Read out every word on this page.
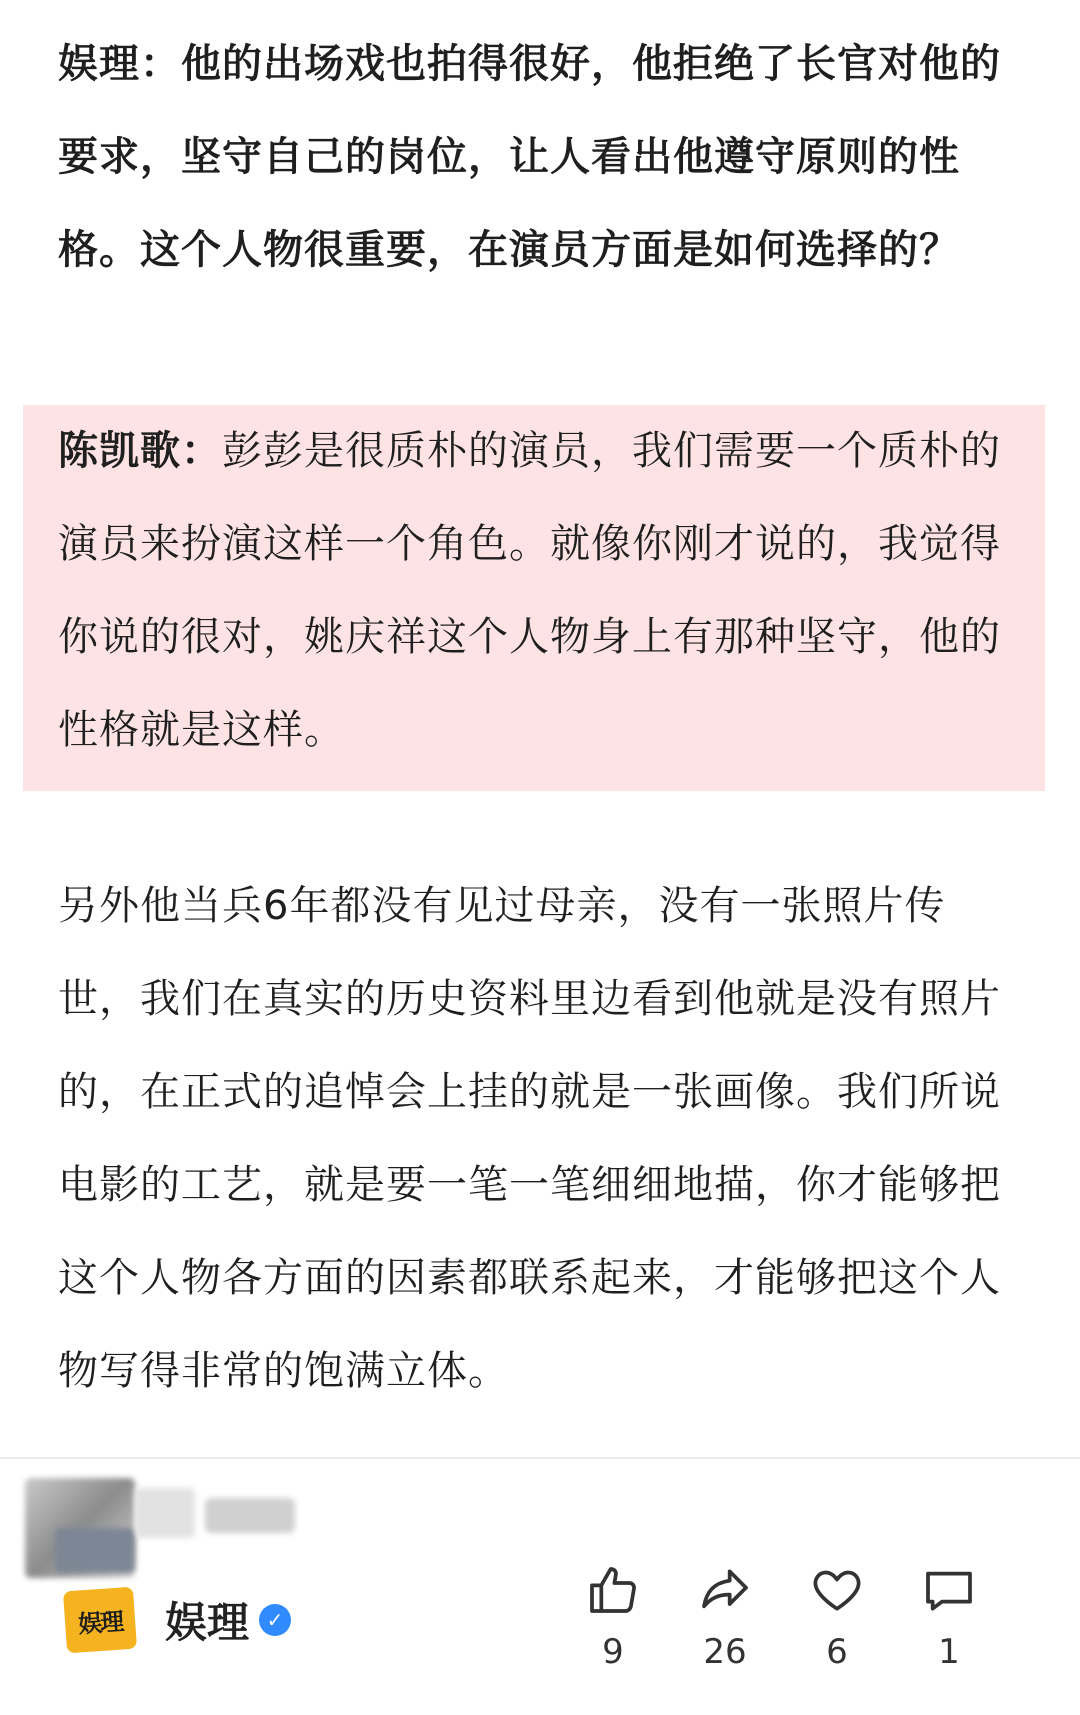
娱理：他的出场戏也拍得很好，他拒绝了长官对他的要求，坚守自己的岗位，让人看出他遵守原则的性格。这个人物很重要，在演员方面是如何选择的？

陈凯歌：彭彭是很质朴的演员，我们需要一个质朴的演员来扮演这样一个角色。就像你刚才说的，我觉得你说的很对，姚庆祥这个人物身上有那种坚守，他的性格就是这样。

另外他当兵6年都没有见过母亲，没有一张照片传世，我们在真实的历史资料里边看到他就是没有照片的，在正式的追悼会上挂的就是一张画像。我们所说电影的工艺，就是要一笔一笔细细地描，你才能够把这个人物各方面的因素都联系起来，才能够把这个人物写得非常的饱满立体。

娱理 娱理 ✓
9	26	6	1
